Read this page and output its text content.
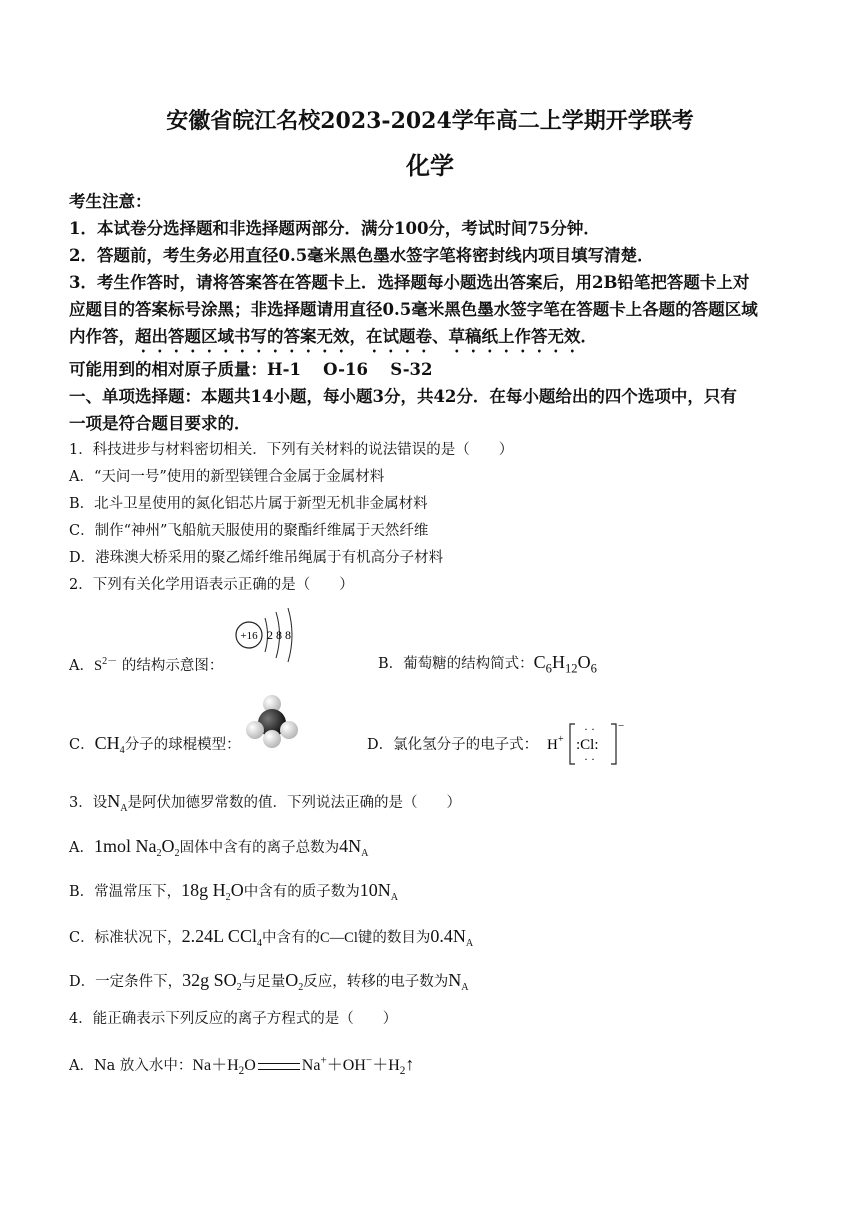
安徽省皖江名校2023-2024学年高二上学期开学联考
化学
考生注意：
1．本试卷分选择题和非选择题两部分．满分100分，考试时间75分钟．
2．答题前，考生务必用直径0.5毫米黑色墨水签字笔将密封线内项目填写清楚．
3．考生作答时，请将答案答在答题卡上．选择题每小题选出答案后，用2B铅笔把答题卡上对
应题目的答案标号涂黑；非选择题请用直径0.5毫米黑色墨水签字笔在答题卡上各题的答题区域
内作答，超出答题区域书写的答案无效，在试题卷、草稿纸上作答无效．
可能用到的相对原子质量：H-1　 O-16　 S-32
一、单项选择题：本题共14小题，每小题3分，共42分．在每小题给出的四个选项中，只有
一项是符合题目要求的．
1．科技进步与材料密切相关．下列有关材料的说法错误的是（　　）
A．“天问一号”使用的新型镁锂合金属于金属材料
B．北斗卫星使用的氮化铝芯片属于新型无机非金属材料
C．制作“神州”飞船航天服使用的聚酯纤维属于天然纤维
D．港珠澳大桥采用的聚乙烯纤维吊绳属于有机高分子材料
2．下列有关化学用语表示正确的是（　　）
A．$S^{2-}$ 的结构示意图：
+16 2 8 8
B．葡萄糖的结构简式：$C_6H_{12}O_6$
C．$CH_4$分子的球棍模型：	D．氯化氢分子的电子式： H + :Cl:
· ·
· ·
−
3．设$N_A$是阿伏加德罗常数的值．下列说法正确的是（　　）
A．1mol $Na_2O_2$固体中含有的离子总数为$4N_A$
B．常温常压下，18g $H_2O$中含有的质子数为$10N_A$
C．标准状况下，2.24L CCl$_4$中含有的C—Cl键的数目为$0.4N_A$
D．一定条件下，32g $SO_2$与足量$O_2$反应，转移的电子数为$N_A$
4．能正确表示下列反应的离子方程式的是（　　）
A．Na 放入水中：$Na+H_2O$	$Na^++OH^-+H_2↑$
